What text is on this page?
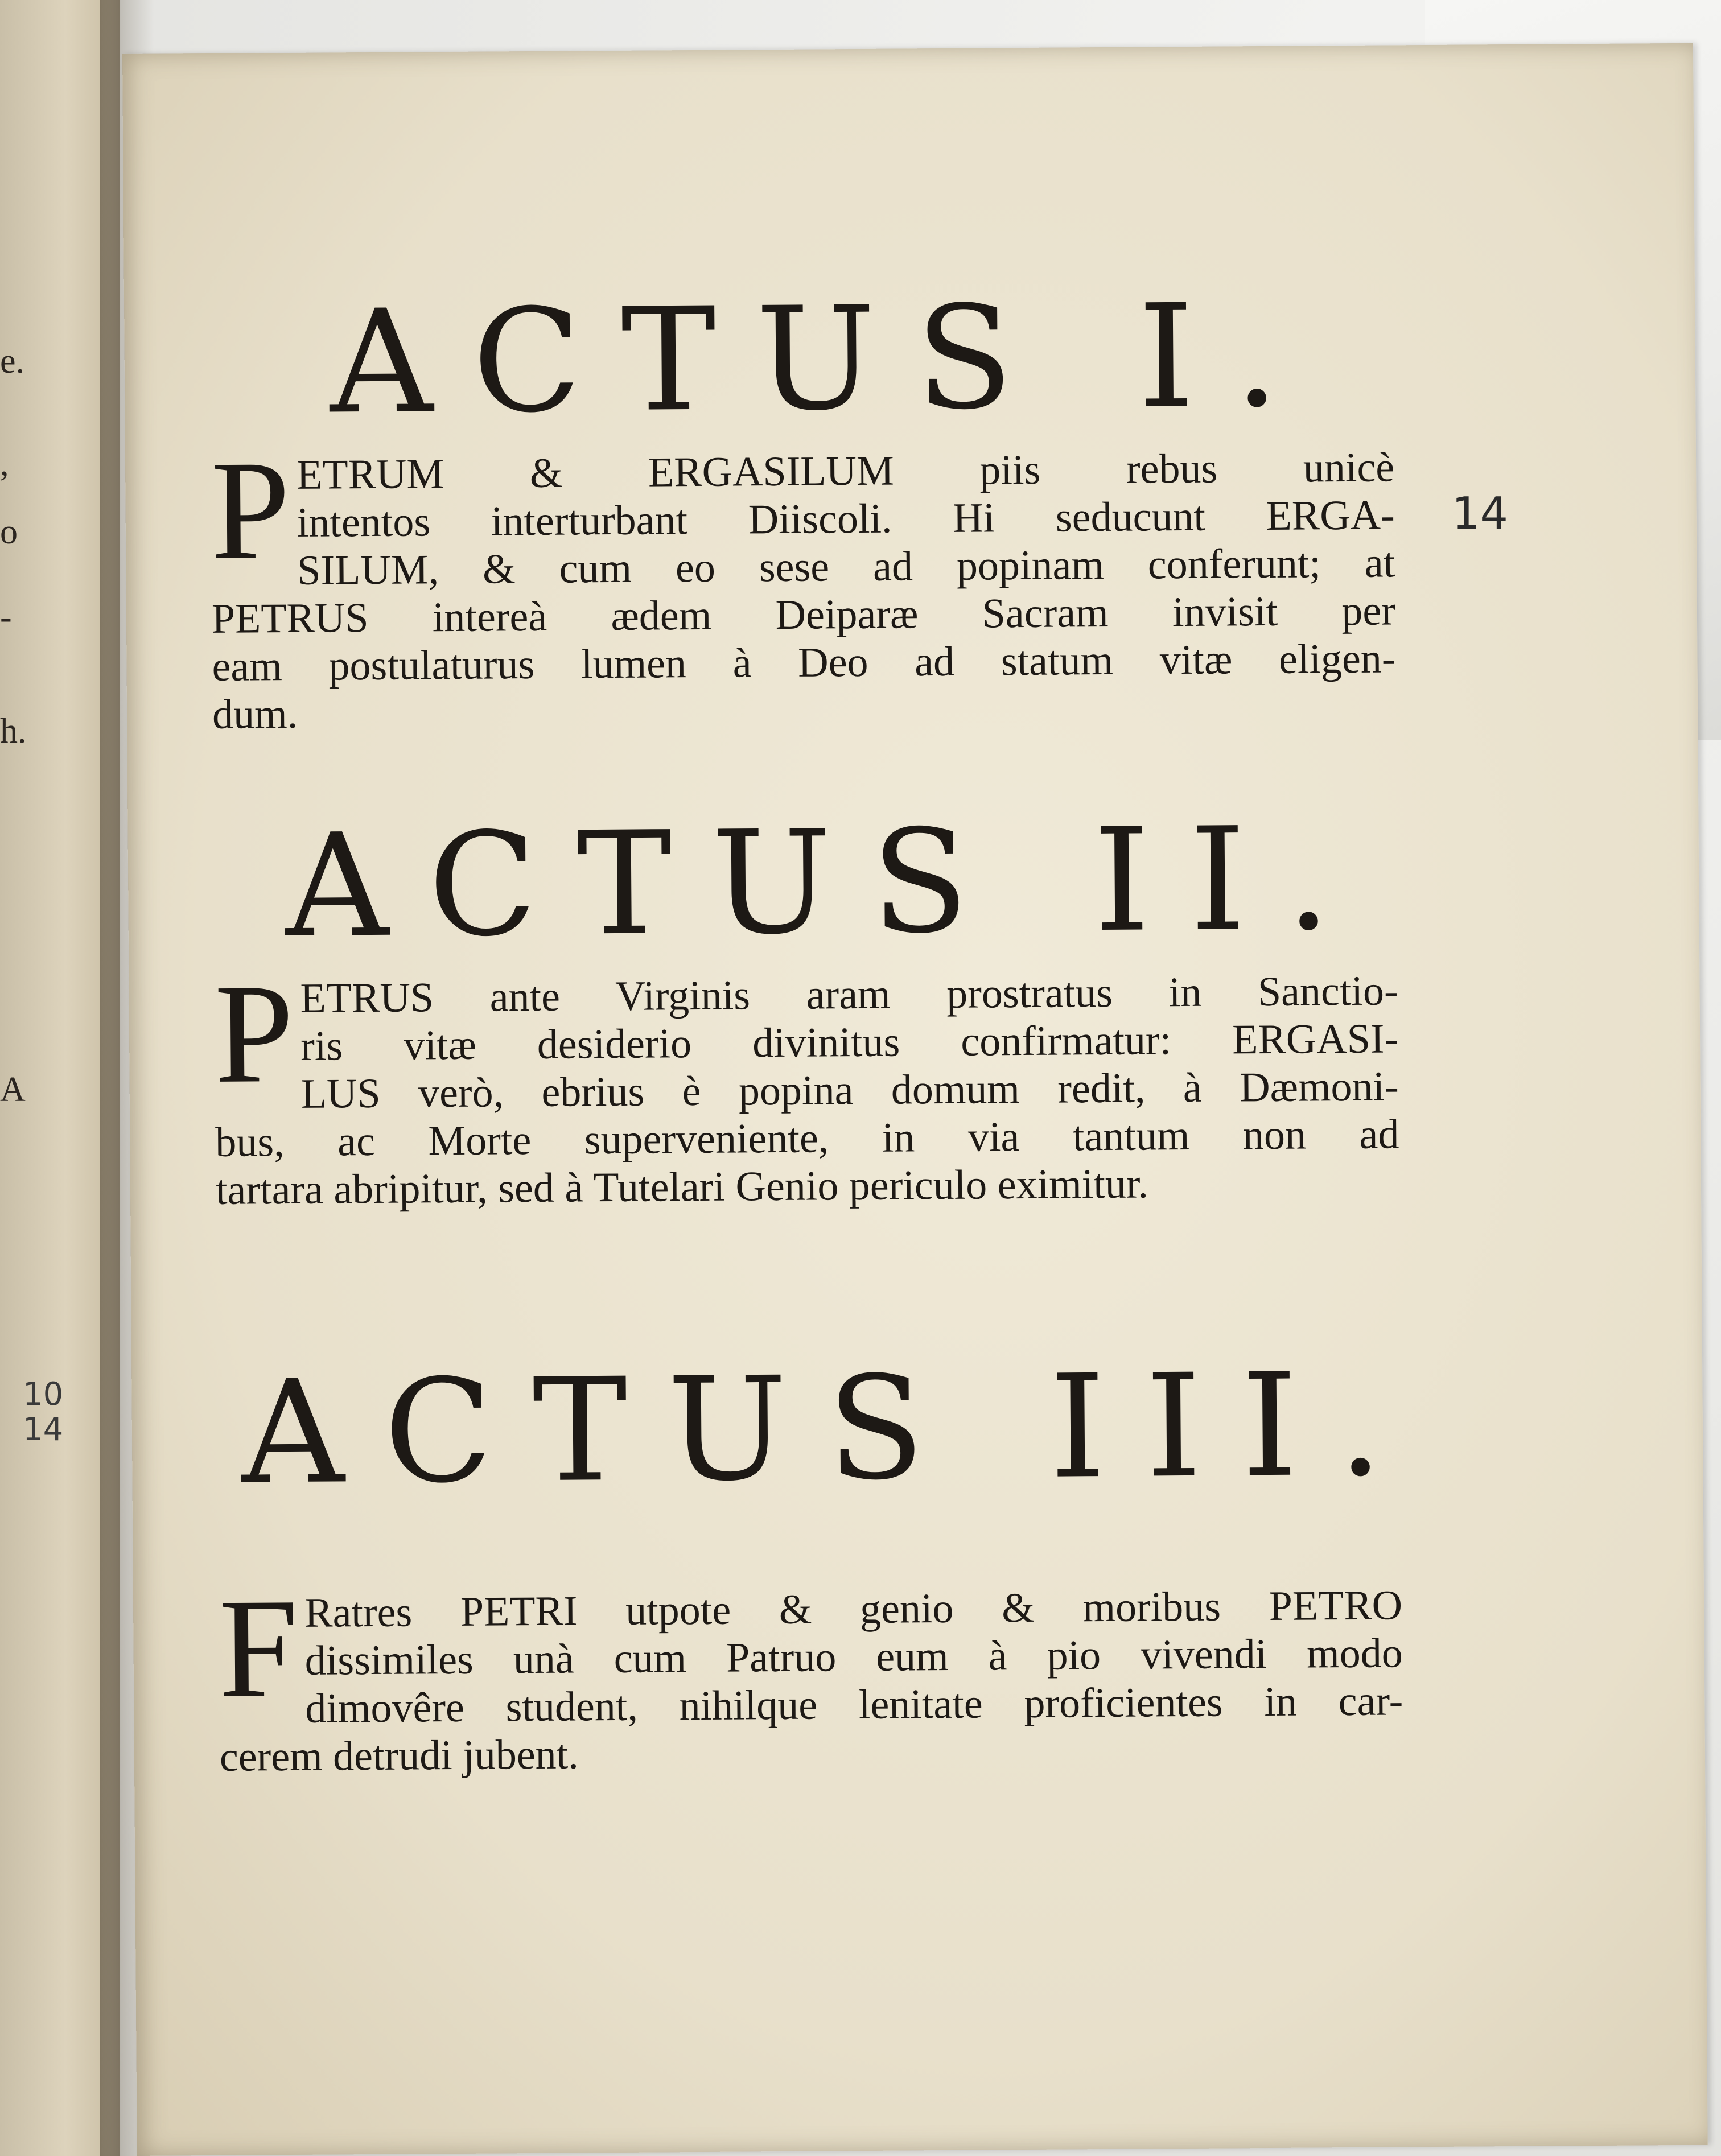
e.
,
o
-
h.
A
10
14
14
ACTUS I.
P ETRUM & ERGASILUM piis rebus unicè
intentos interturbant Diiscoli. Hi seducunt ERGA-
SILUM, & cum eo sese ad popinam conferunt; at
PETRUS intereà ædem Deiparæ Sacram invisit per
eam postulaturus lumen à Deo ad statum vitæ eligen-
dum.
ACTUS II.
P ETRUS ante Virginis aram prostratus in Sanctio-
ris vitæ desiderio divinitus confirmatur: ERGASI-
LUS verò, ebrius è popina domum redit, à Dæmoni-
bus, ac Morte superveniente, in via tantum non ad
tartara abripitur, sed à Tutelari Genio periculo eximitur.
ACTUS III.
F Ratres PETRI utpote & genio & moribus PETRO
dissimiles unà cum Patruo eum à pio vivendi modo
dimovêre student, nihilque lenitate proficientes in car-
cerem detrudi jubent.
